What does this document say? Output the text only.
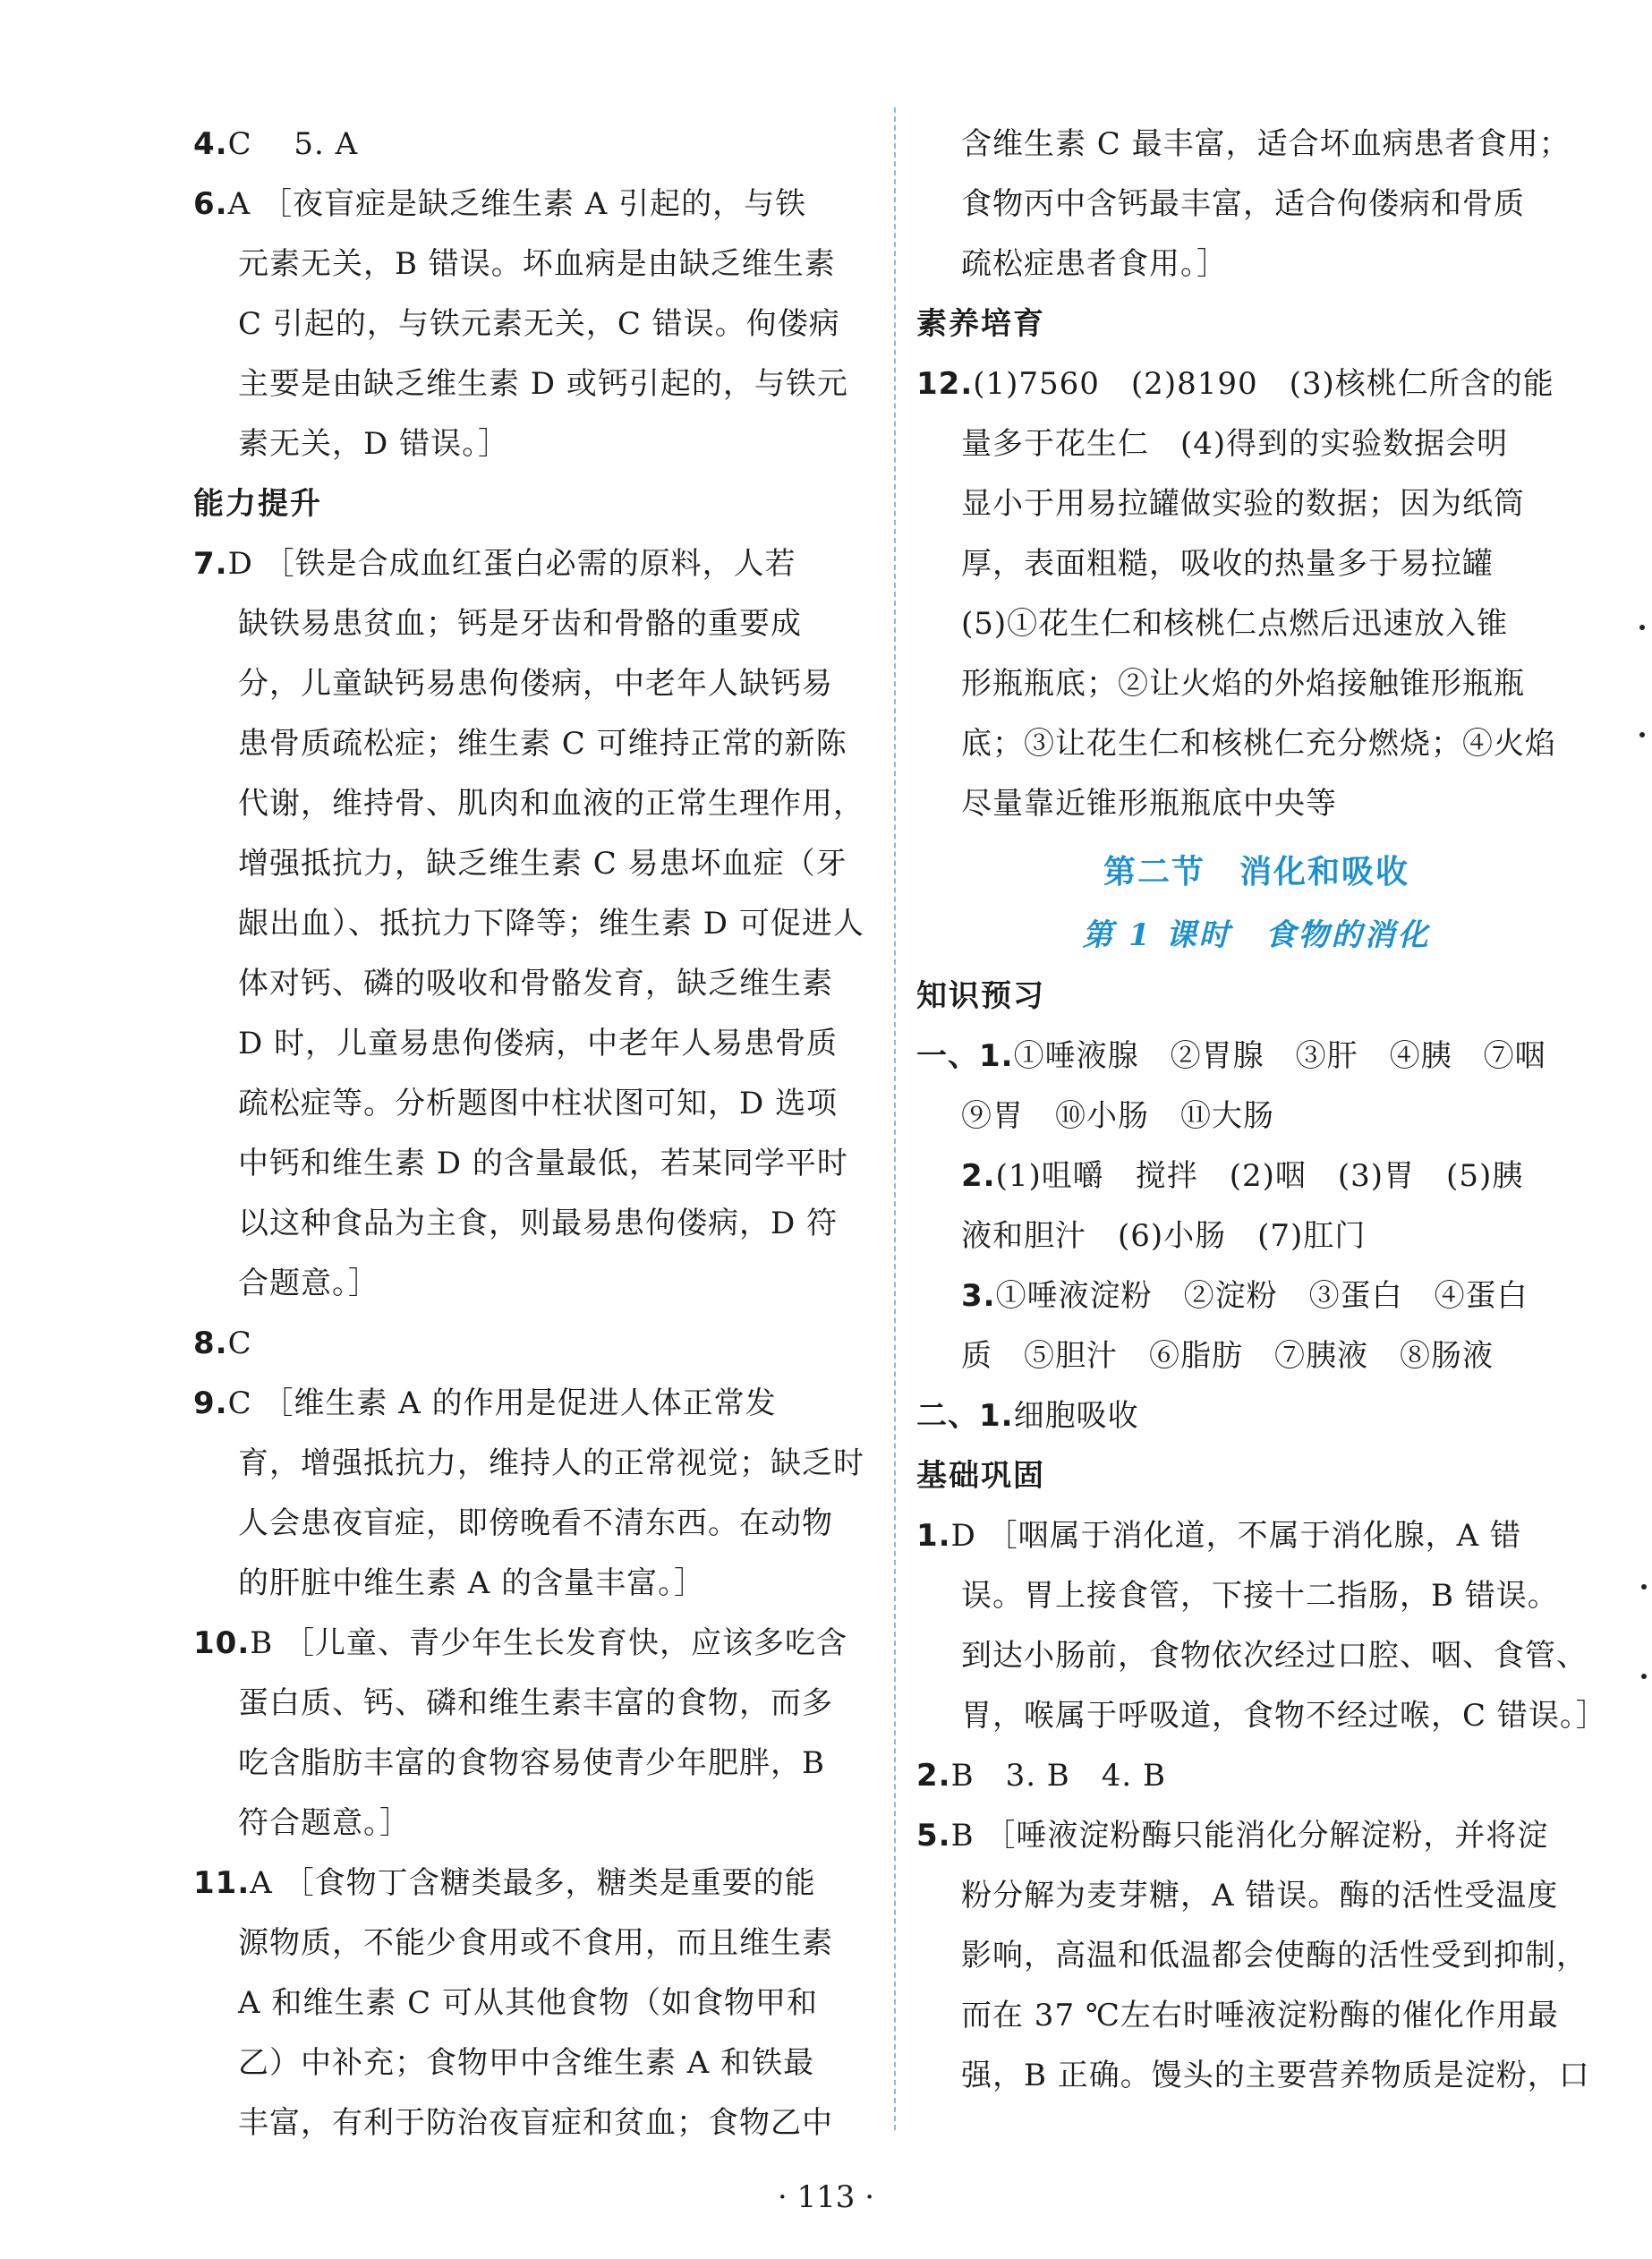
4.C　 5. A
6.A ［夜盲症是缺乏维生素 A 引起的，与铁
元素无关，B 错误。坏血病是由缺乏维生素
C 引起的，与铁元素无关，C 错误。佝偻病
主要是由缺乏维生素 D 或钙引起的，与铁元
素无关，D 错误。］
能力提升
7.D ［铁是合成血红蛋白必需的原料，人若
缺铁易患贫血；钙是牙齿和骨骼的重要成
分，儿童缺钙易患佝偻病，中老年人缺钙易
患骨质疏松症；维生素 C 可维持正常的新陈
代谢，维持骨、肌肉和血液的正常生理作用，
增强抵抗力，缺乏维生素 C 易患坏血症（牙
龈出血）、抵抗力下降等；维生素 D 可促进人
体对钙、磷的吸收和骨骼发育，缺乏维生素
D 时，儿童易患佝偻病，中老年人易患骨质
疏松症等。分析题图中柱状图可知，D 选项
中钙和维生素 D 的含量最低，若某同学平时
以这种食品为主食，则最易患佝偻病，D 符
合题意。］
8.C
9.C ［维生素 A 的作用是促进人体正常发
育，增强抵抗力，维持人的正常视觉；缺乏时
人会患夜盲症，即傍晚看不清东西。在动物
的肝脏中维生素 A 的含量丰富。］
10.B ［儿童、青少年生长发育快，应该多吃含
蛋白质、钙、磷和维生素丰富的食物，而多
吃含脂肪丰富的食物容易使青少年肥胖，B
符合题意。］
11.A ［食物丁含糖类最多，糖类是重要的能
源物质，不能少食用或不食用，而且维生素
A 和维生素 C 可从其他食物（如食物甲和
乙）中补充；食物甲中含维生素 A 和铁最
丰富，有利于防治夜盲症和贫血；食物乙中
含维生素 C 最丰富，适合坏血病患者食用；
食物丙中含钙最丰富，适合佝偻病和骨质
疏松症患者食用。］
素养培育
12.(1)7560　(2)8190　(3)核桃仁所含的能
量多于花生仁　(4)得到的实验数据会明
显小于用易拉罐做实验的数据；因为纸筒
厚，表面粗糙，吸收的热量多于易拉罐
(5)①花生仁和核桃仁点燃后迅速放入锥
形瓶瓶底；②让火焰的外焰接触锥形瓶瓶
底；③让花生仁和核桃仁充分燃烧；④火焰
尽量靠近锥形瓶瓶底中央等
第二节　消化和吸收
第 1 课时　食物的消化
知识预习
一、1.①唾液腺　②胃腺　③肝　④胰　⑦咽
⑨胃　⑩小肠　⑪大肠
2.(1)咀嚼　搅拌　(2)咽　(3)胃　(5)胰
液和胆汁　(6)小肠　(7)肛门
3.①唾液淀粉　②淀粉　③蛋白　④蛋白
质　⑤胆汁　⑥脂肪　⑦胰液　⑧肠液
二、1.细胞吸收
基础巩固
1.D ［咽属于消化道，不属于消化腺，A 错
误。胃上接食管，下接十二指肠，B 错误。
到达小肠前，食物依次经过口腔、咽、食管、
胃，喉属于呼吸道，食物不经过喉，C 错误。］
2.B　3. B　4. B
5.B ［唾液淀粉酶只能消化分解淀粉，并将淀
粉分解为麦芽糖，A 错误。酶的活性受温度
影响，高温和低温都会使酶的活性受到抑制，
而在 37 ℃左右时唾液淀粉酶的催化作用最
强，B 正确。馒头的主要营养物质是淀粉，口
· 113 ·
